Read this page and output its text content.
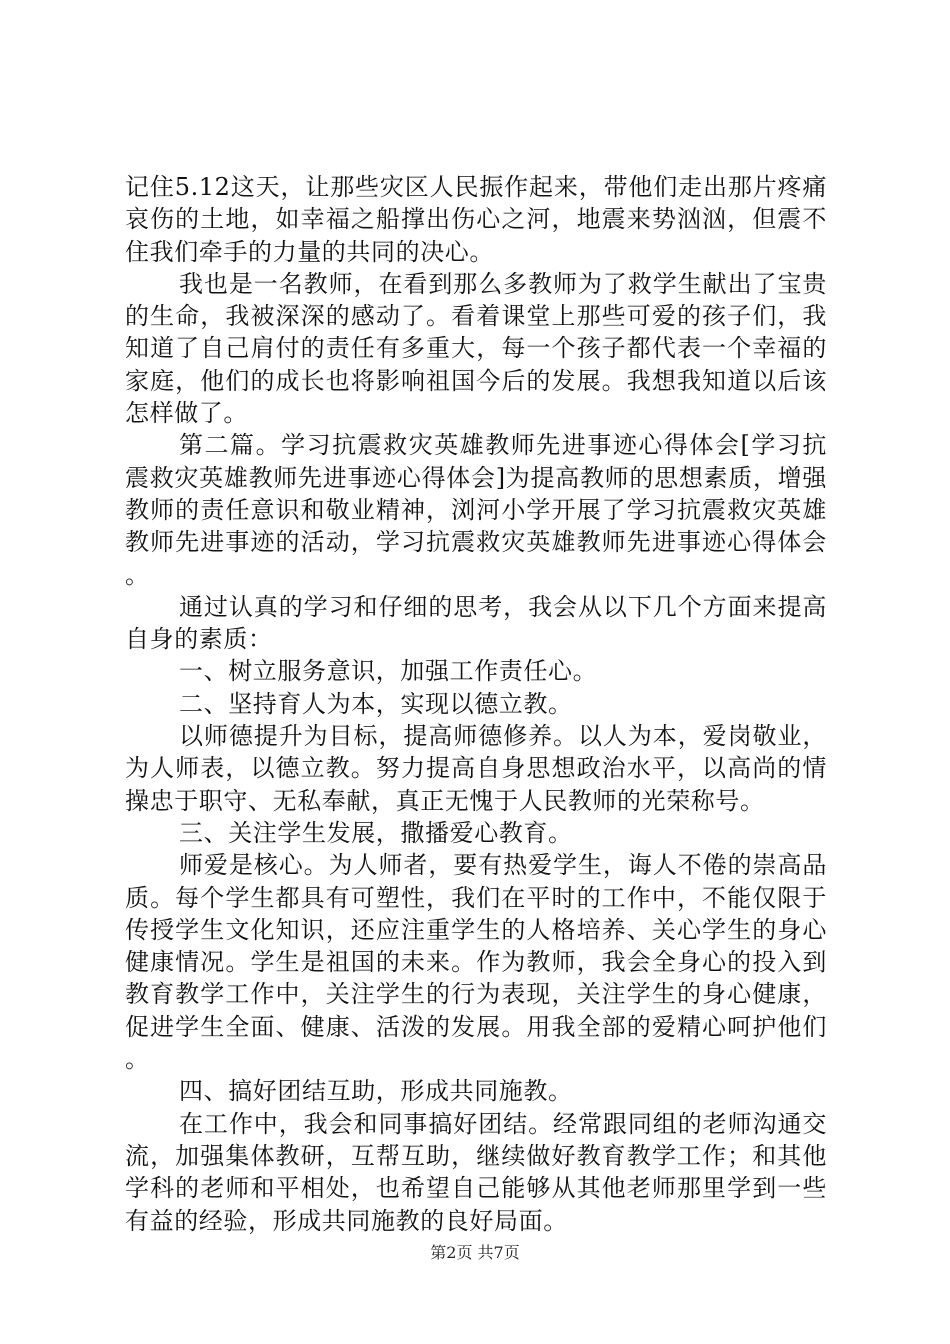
记住5.12这天，让那些灾区人民振作起来，带他们走出那片疼痛哀伤的土地，如幸福之船撑出伤心之河，地震来势汹汹，但震不住我们牵手的力量的共同的决心。

我也是一名教师，在看到那么多教师为了救学生献出了宝贵的生命，我被深深的感动了。看着课堂上那些可爱的孩子们，我知道了自己肩付的责任有多重大，每一个孩子都代表一个幸福的家庭，他们的成长也将影响祖国今后的发展。我想我知道以后该怎样做了。

第二篇。学习抗震救灾英雄教师先进事迹心得体会[学习抗震救灾英雄教师先进事迹心得体会]为提高教师的思想素质，增强教师的责任意识和敬业精神，浏河小学开展了学习抗震救灾英雄教师先进事迹的活动，学习抗震救灾英雄教师先进事迹心得体会。

通过认真的学习和仔细的思考，我会从以下几个方面来提高自身的素质：

一、树立服务意识，加强工作责任心。

二、坚持育人为本，实现以德立教。

以师德提升为目标，提高师德修养。以人为本，爱岗敬业，为人师表，以德立教。努力提高自身思想政治水平，以高尚的情操忠于职守、无私奉献，真正无愧于人民教师的光荣称号。

三、关注学生发展，撒播爱心教育。

师爱是核心。为人师者，要有热爱学生，诲人不倦的崇高品质。每个学生都具有可塑性，我们在平时的工作中，不能仅限于传授学生文化知识，还应注重学生的人格培养、关心学生的身心健康情况。学生是祖国的未来。作为教师，我会全身心的投入到教育教学工作中，关注学生的行为表现，关注学生的身心健康，促进学生全面、健康、活泼的发展。用我全部的爱精心呵护他们。

四、搞好团结互助，形成共同施教。

在工作中，我会和同事搞好团结。经常跟同组的老师沟通交流，加强集体教研，互帮互助，继续做好教育教学工作；和其他学科的老师和平相处，也希望自己能够从其他老师那里学到一些有益的经验，形成共同施教的良好局面。

第2页 共7页
